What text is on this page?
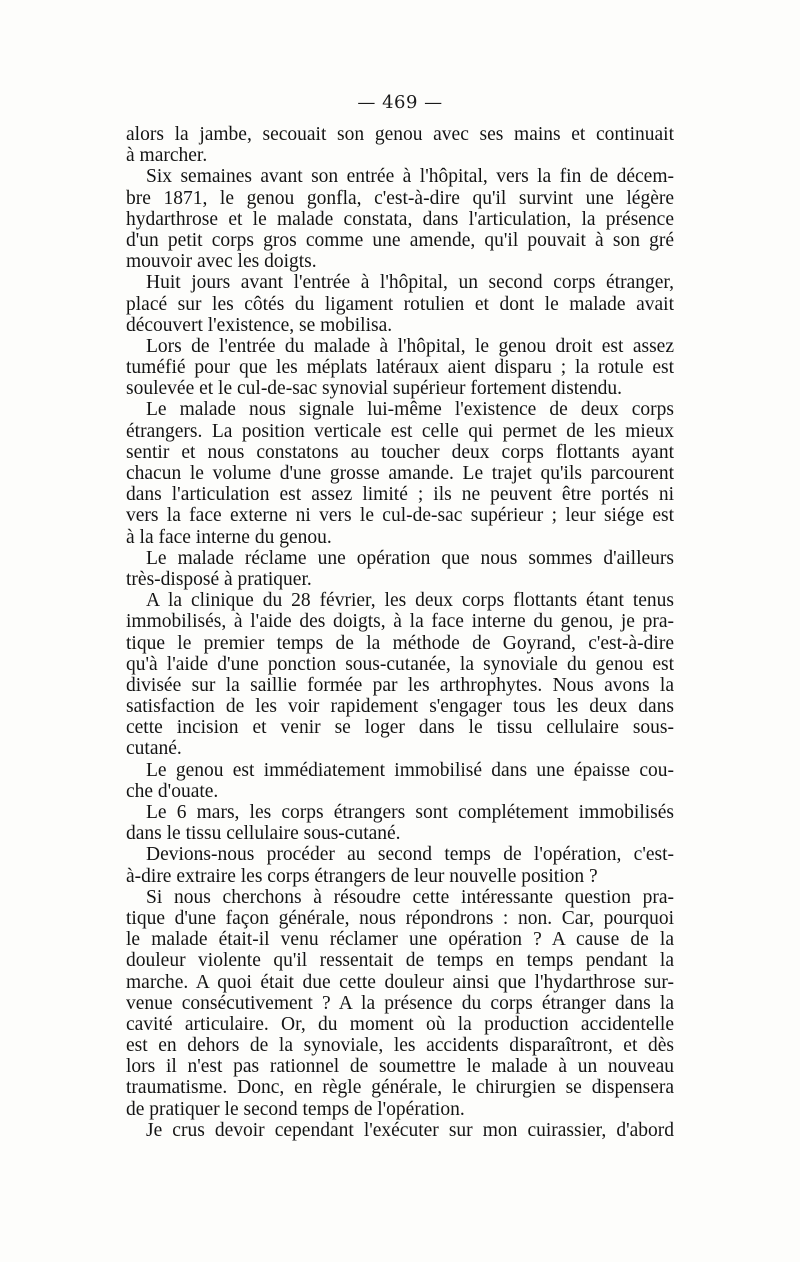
— 469 —
alors la jambe, secouait son genou avec ses mains et continuait
à marcher.
Six semaines avant son entrée à l'hôpital, vers la fin de décem-
bre 1871, le genou gonfla, c'est-à-dire qu'il survint une légère
hydarthrose et le malade constata, dans l'articulation, la présence
d'un petit corps gros comme une amende, qu'il pouvait à son gré
mouvoir avec les doigts.
Huit jours avant l'entrée à l'hôpital, un second corps étranger,
placé sur les côtés du ligament rotulien et dont le malade avait
découvert l'existence, se mobilisa.
Lors de l'entrée du malade à l'hôpital, le genou droit est assez
tuméfié pour que les méplats latéraux aient disparu ; la rotule est
soulevée et le cul-de-sac synovial supérieur fortement distendu.
Le malade nous signale lui-même l'existence de deux corps
étrangers. La position verticale est celle qui permet de les mieux
sentir et nous constatons au toucher deux corps flottants ayant
chacun le volume d'une grosse amande. Le trajet qu'ils parcourent
dans l'articulation est assez limité ; ils ne peuvent être portés ni
vers la face externe ni vers le cul-de-sac supérieur ; leur siége est
à la face interne du genou.
Le malade réclame une opération que nous sommes d'ailleurs
très-disposé à pratiquer.
A la clinique du 28 février, les deux corps flottants étant tenus
immobilisés, à l'aide des doigts, à la face interne du genou, je pra-
tique le premier temps de la méthode de Goyrand, c'est-à-dire
qu'à l'aide d'une ponction sous-cutanée, la synoviale du genou est
divisée sur la saillie formée par les arthrophytes. Nous avons la
satisfaction de les voir rapidement s'engager tous les deux dans
cette incision et venir se loger dans le tissu cellulaire sous-
cutané.
Le genou est immédiatement immobilisé dans une épaisse cou-
che d'ouate.
Le 6 mars, les corps étrangers sont complétement immobilisés
dans le tissu cellulaire sous-cutané.
Devions-nous procéder au second temps de l'opération, c'est-
à-dire extraire les corps étrangers de leur nouvelle position ?
Si nous cherchons à résoudre cette intéressante question pra-
tique d'une façon générale, nous répondrons : non. Car, pourquoi
le malade était-il venu réclamer une opération ? A cause de la
douleur violente qu'il ressentait de temps en temps pendant la
marche. A quoi était due cette douleur ainsi que l'hydarthrose sur-
venue consécutivement ? A la présence du corps étranger dans la
cavité articulaire. Or, du moment où la production accidentelle
est en dehors de la synoviale, les accidents disparaîtront, et dès
lors il n'est pas rationnel de soumettre le malade à un nouveau
traumatisme. Donc, en règle générale, le chirurgien se dispensera
de pratiquer le second temps de l'opération.
Je crus devoir cependant l'exécuter sur mon cuirassier, d'abord
